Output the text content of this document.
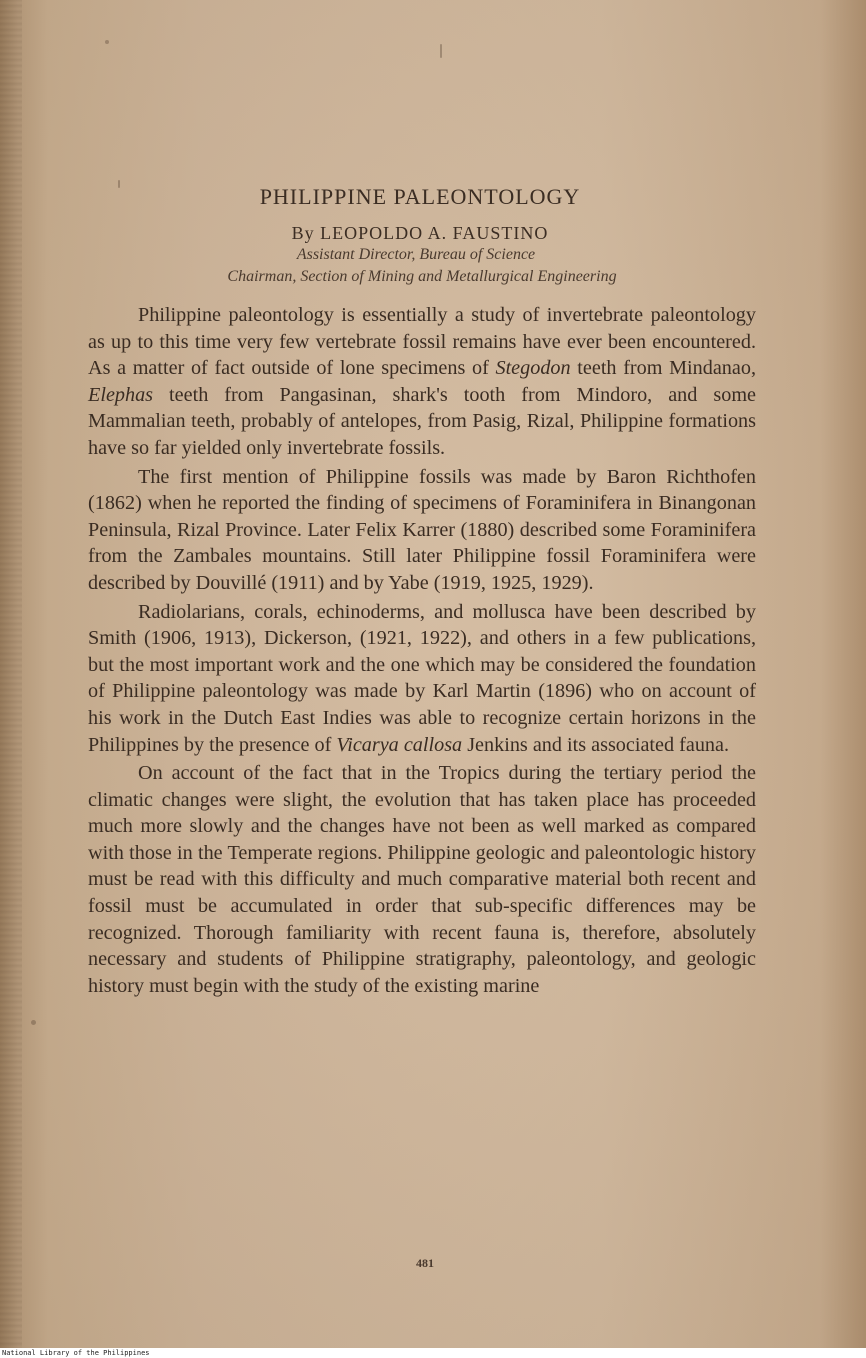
PHILIPPINE PALEONTOLOGY
By LEOPOLDO A. FAUSTINO
Assistant Director, Bureau of Science
Chairman, Section of Mining and Metallurgical Engineering

Philippine paleontology is essentially a study of invertebrate paleontology as up to this time very few vertebrate fossil remains have ever been encountered. As a matter of fact outside of lone specimens of Stegodon teeth from Mindanao, Elephas teeth from Pangasinan, shark's tooth from Mindoro, and some Mammalian teeth, probably of antelopes, from Pasig, Rizal, Philippine formations have so far yielded only invertebrate fossils.

The first mention of Philippine fossils was made by Baron Richthofen (1862) when he reported the finding of specimens of Foraminifera in Binangonan Peninsula, Rizal Province. Later Felix Karrer (1880) described some Foraminifera from the Zambales mountains. Still later Philippine fossil Foraminifera were described by Douvillé (1911) and by Yabe (1919, 1925, 1929).

Radiolarians, corals, echinoderms, and mollusca have been described by Smith (1906, 1913), Dickerson, (1921, 1922), and others in a few publications, but the most important work and the one which may be considered the foundation of Philippine paleontology was made by Karl Martin (1896) who on account of his work in the Dutch East Indies was able to recognize certain horizons in the Philippines by the presence of Vicarya callosa Jenkins and its associated fauna.

On account of the fact that in the Tropics during the tertiary period the climatic changes were slight, the evolution that has taken place has proceeded much more slowly and the changes have not been as well marked as compared with those in the Temperate regions. Philippine geologic and paleontologic history must be read with this difficulty and much comparative material both recent and fossil must be accumulated in order that sub-specific differences may be recognized. Thorough familiarity with recent fauna is, therefore, absolutely necessary and students of Philippine stratigraphy, paleontology, and geologic history must begin with the study of the existing marine

481
National Library of the Philippines
